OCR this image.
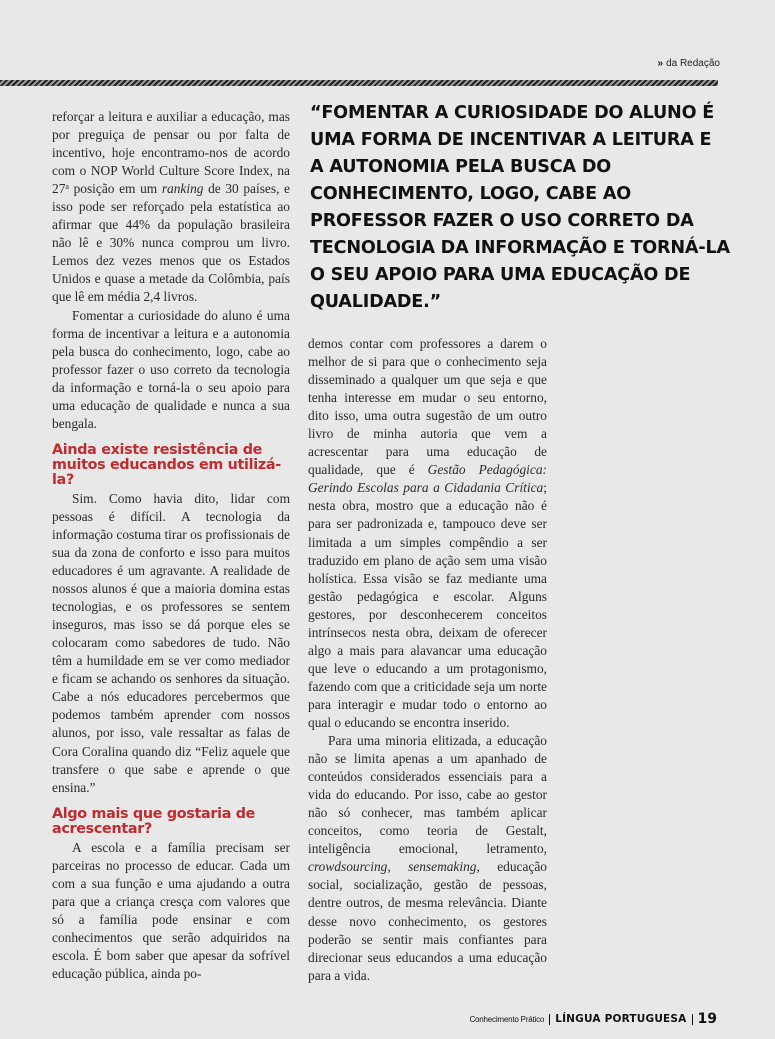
» da Redação

reforçar a leitura e auxiliar a educação, mas por preguiça de pensar ou por falta de incentivo, hoje encontramo-nos de acordo com o NOP World Culture Score Index, na 27$^a$ posição em um ranking de 30 países, e isso pode ser reforçado pela estatística ao afirmar que 44% da população brasileira não lê e 30% nunca comprou um livro. Lemos dez vezes menos que os Estados Unidos e quase a metade da Colômbia, país que lê em média 2,4 livros.

Fomentar a curiosidade do aluno é uma forma de incentivar a leitura e a autonomia pela busca do conhecimento, logo, cabe ao professor fazer o uso correto da tecnologia da informação e torná-la o seu apoio para uma educação de qualidade e nunca a sua bengala.

Ainda existe resistência de muitos educandos em utilizá-la?

Sim. Como havia dito, lidar com pessoas é difícil. A tecnologia da informação costuma tirar os profissionais de sua da zona de conforto e isso para muitos educadores é um agravante. A realidade de nossos alunos é que a maioria domina estas tecnologias, e os professores se sentem inseguros, mas isso se dá porque eles se colocaram como sabedores de tudo. Não têm a humildade em se ver como mediador e ficam se achando os senhores da situação. Cabe a nós educadores percebermos que podemos também aprender com nossos alunos, por isso, vale ressaltar as falas de Cora Coralina quando diz “Feliz aquele que transfere o que sabe e aprende o que ensina.”

Algo mais que gostaria de acrescentar?

A escola e a família precisam ser parceiras no processo de educar. Cada um com a sua função e uma ajudando a outra para que a criança cresça com valores que só a família pode ensinar e com conhecimentos que serão adquiridos na escola. É bom saber que apesar da sofrível educação pública, ainda po-

“FOMENTAR A CURIOSIDADE DO ALUNO É UMA FORMA DE INCENTIVAR A LEITURA E A AUTONOMIA PELA BUSCA DO CONHECIMENTO, LOGO, CABE AO PROFESSOR FAZER O USO CORRETO DA TECNOLOGIA DA INFORMAÇÃO E TORNÁ-LA O SEU APOIO PARA UMA EDUCAÇÃO DE QUALIDADE.”

demos contar com professores a darem o melhor de si para que o conhecimento seja disseminado a qualquer um que seja e que tenha interesse em mudar o seu entorno, dito isso, uma outra sugestão de um outro livro de minha autoria que vem a acrescentar para uma educação de qualidade, que é Gestão Pedagógica: Gerindo Escolas para a Cidadania Crítica; nesta obra, mostro que a educação não é para ser padronizada e, tampouco deve ser limitada a um simples compêndio a ser traduzido em plano de ação sem uma visão holística. Essa visão se faz mediante uma gestão pedagógica e escolar. Alguns gestores, por desconhecerem conceitos intrínsecos nesta obra, deixam de oferecer algo a mais para alavancar uma educação que leve o educando a um protagonismo, fazendo com que a criticidade seja um norte para interagir e mudar todo o entorno ao qual o educando se encontra inserido.

Para uma minoria elitizada, a educação não se limita apenas a um apanhado de conteúdos considerados essenciais para a vida do educando. Por isso, cabe ao gestor não só conhecer, mas também aplicar conceitos, como teoria de Gestalt, inteligência emocional, letramento, crowdsourcing, sensemaking, educação social, socialização, gestão de pessoas, dentre outros, de mesma relevância. Diante desse novo conhecimento, os gestores poderão se sentir mais confiantes para direcionar seus educandos a uma educação para a vida.

Conhecimento Prático LÍNGUA PORTUGUESA 19
